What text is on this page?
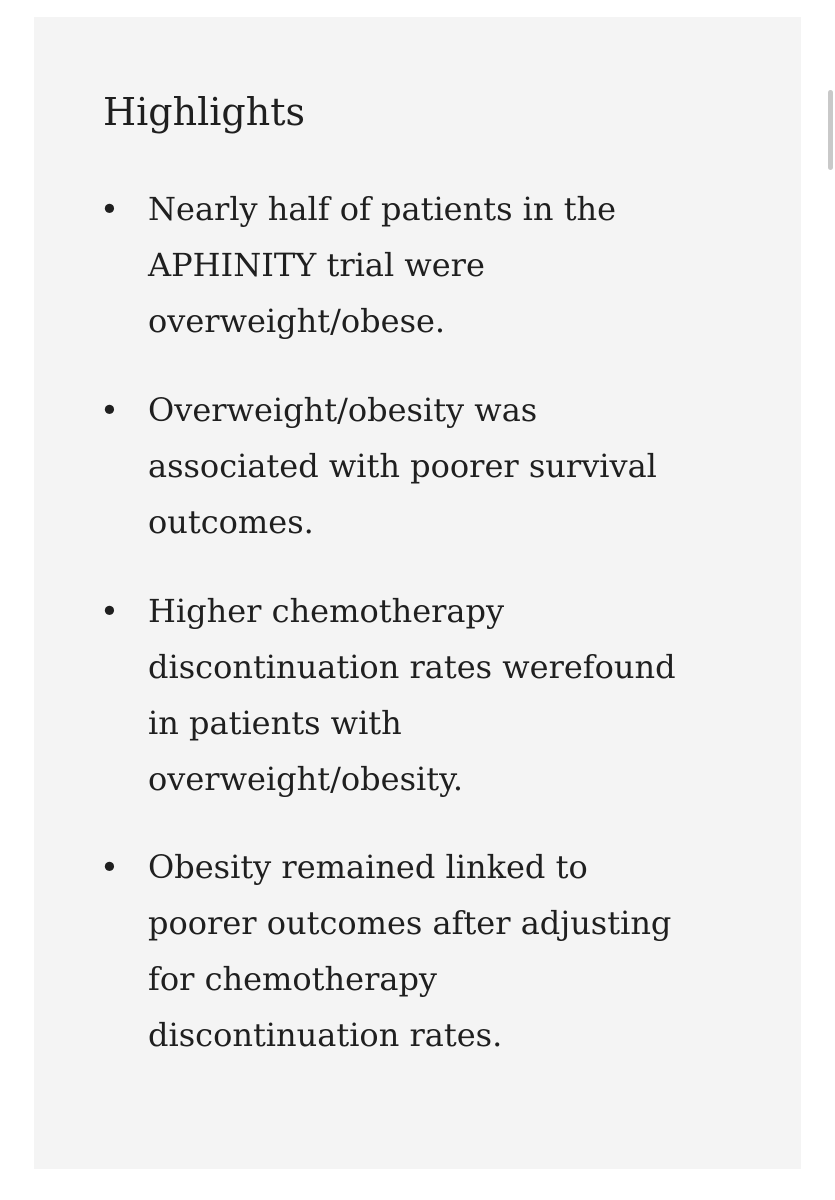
Highlights
• Nearly half of patients in the
APHINITY trial were
overweight/obese.
• Overweight/obesity was
associated with poorer survival
outcomes.
• Higher chemotherapy
discontinuation rates werefound
in patients with
overweight/obesity.
• Obesity remained linked to
poorer outcomes after adjusting
for chemotherapy
discontinuation rates.
